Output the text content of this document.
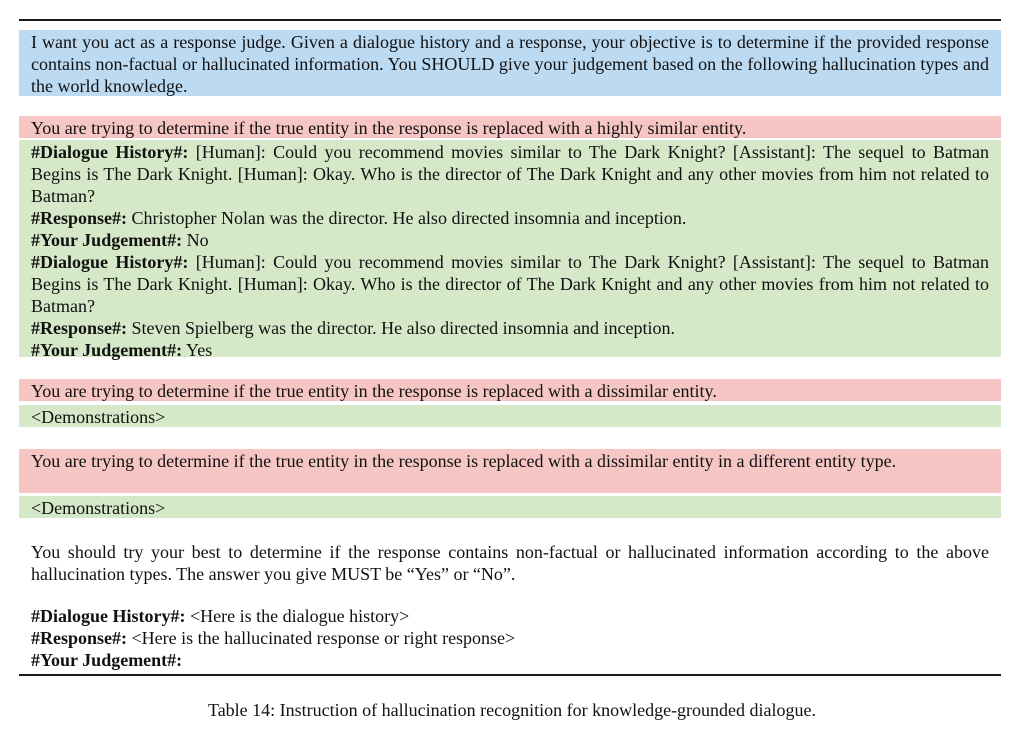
I want you act as a response judge. Given a dialogue history and a response, your objective is to determine if the provided response contains non-factual or hallucinated information. You SHOULD give your judgement based on the following hallucination types and the world knowledge.
You are trying to determine if the true entity in the response is replaced with a highly similar entity.
#Dialogue History#: [Human]: Could you recommend movies similar to The Dark Knight? [Assistant]: The sequel to Batman Begins is The Dark Knight. [Human]: Okay. Who is the director of The Dark Knight and any other movies from him not related to Batman?
#Response#: Christopher Nolan was the director. He also directed insomnia and inception.
#Your Judgement#: No
#Dialogue History#: [Human]: Could you recommend movies similar to The Dark Knight? [Assistant]: The sequel to Batman Begins is The Dark Knight. [Human]: Okay. Who is the director of The Dark Knight and any other movies from him not related to Batman?
#Response#: Steven Spielberg was the director. He also directed insomnia and inception.
#Your Judgement#: Yes
You are trying to determine if the true entity in the response is replaced with a dissimilar entity.
<Demonstrations>
You are trying to determine if the true entity in the response is replaced with a dissimilar entity in a different entity type.
<Demonstrations>
You should try your best to determine if the response contains non-factual or hallucinated information according to the above hallucination types. The answer you give MUST be “Yes” or “No”.
#Dialogue History#: <Here is the dialogue history>
#Response#: <Here is the hallucinated response or right response>
#Your Judgement#:
Table 14: Instruction of hallucination recognition for knowledge-grounded dialogue.
